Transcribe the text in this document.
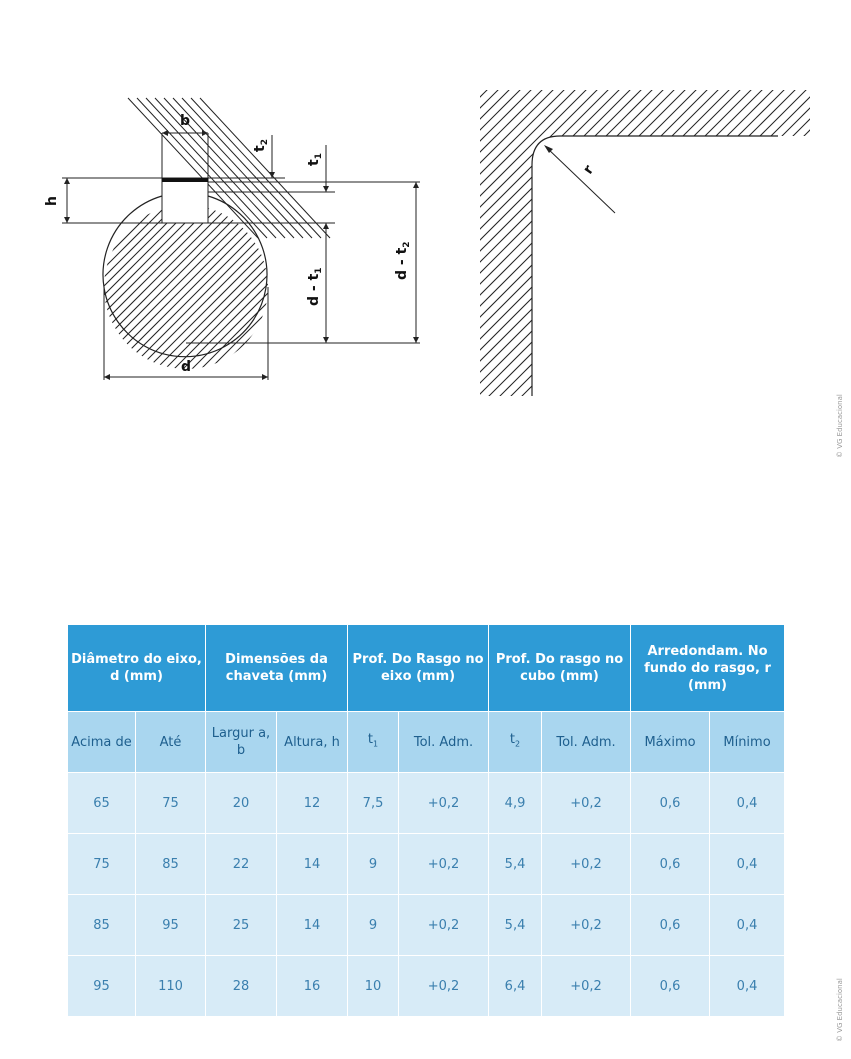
b
d
h
$t_2$
$t_1$
d - $t_1$	d - $t_2$
r
© VG Educacional
© VG Educacional
Diâmetro do eixo, d (mm)		Dimensões da chaveta (mm)		Prof. Do Rasgo no eixo (mm)		Prof. Do rasgo no cubo (mm)		Arredondam. No fundo do rasgo, r (mm)	
Acima de	Até	Largur a, b	Altura, h	$t_1$	Tol. Adm.	$t_2$	Tol. Adm.	Máximo	Mínimo
65	75	20	12	7,5	+0,2	4,9	+0,2	0,6	0,4
75	85	22	14	9	+0,2	5,4	+0,2	0,6	0,4
85	95	25	14	9	+0,2	5,4	+0,2	0,6	0,4
95	110	28	16	10	+0,2	6,4	+0,2	0,6	0,4
